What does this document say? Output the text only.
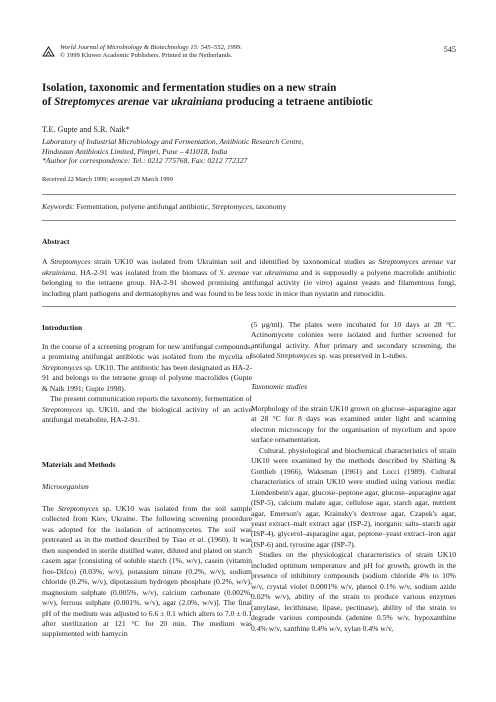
World Journal of Microbiology & Biotechnology 15: 545–552, 1999.
© 1999 Kluwer Academic Publishers. Printed in the Netherlands.
545
Isolation, taxonomic and fermentation studies on a new strain
of Streptomyces arenae var ukrainiana producing a tetraene antibiotic
T.E. Gupte and S.R. Naik*
Laboratory of Industrial Microbiology and Fermentation, Antibiotic Research Centre,
Hindustan Antibiotics Limited, Pimpri, Pune – 411018, India
*Author for correspondence: Tel.: 0212 775768, Fax: 0212 772327
Received 22 March 1999; accepted 29 March 1999
Keywords: Fermentation, polyene antifungal antibiotic, Streptomyces, taxonomy
Abstract
A Streptomyces strain UK10 was isolated from Ukrainian soil and identified by taxonomical studies as Streptomyces arenae var ukrainiana. HA-2-91 was isolated from the biomass of S. arenae var ukrainiana and is supposedly a polyene macrolide antibiotic belonging to the tetraene group. HA-2-91 showed promising antifungal activity (in vitro) against yeasts and filamentous fungi, including plant pathogens and dermatophytes and was found to be less toxic in mice than nystatin and rimocidin.
Introduction

In the course of a screening program for new antifungal compounds, a promising antifungal antibiotic was isolated from the mycelia of Streptomyces sp. UK10. The antibiotic has been designated as HA-2-91 and belongs to the tetraene group of polyene macrolides (Gupte & Naik 1991; Gupte 1998).

The present communication reports the taxonomy, fermentation of Streptomyces sp. UK10, and the biological activity of an active antifungal metabolite, HA-2-91.

Materials and Methods
Microorganism

The Streptomyces sp. UK10 was isolated from the soil sample collected from Kiev, Ukraine. The following screening procedure was adopted for the isolation of actinomycetes. The soil was pretreated as in the method described by Tsao et al. (1960). It was then suspended in sterile distilled water, diluted and plated on starch casein agar [consisting of soluble starch (1%, w/v), casein (vitamin free-Difco) (0.03%, w/v), potassium nitrate (0.2%, w/v), sodium chloride (0.2%, w/v), dipotassium hydrogen phosphate (0.2%, w/v), magnesium sulphate (0.005%, w/v), calcium carbonate (0.002%, w/v), ferrous sulphate (0.001%, w/v), agar (2.0%, w/v)]. The final pH of the medium was adjusted to 6.6 ± 0.1 which alters to 7.0 ± 0.1 after sterilization at 121 °C for 20 min. The medium was supplemented with hamycin

(5 μg/ml). The plates were incubated for 10 days at 28 °C. Actinomycete colonies were isolated and further screened for antifungal activity. After primary and secondary screening, the isolated Streptomyces sp. was preserved in L-tubes.

Taxonomic studies

Morphology of the strain UK10 grown on glucose–asparagine agar at 28 °C for 8 days was examined under light and scanning electron microscopy for the organisation of mycelium and spore surface ornamentation.

Cultural, physiological and biochemical characteristics of strain UK10 were examined by the methods described by Shirling & Gottlieb (1966), Waksman (1961) and Locci (1989). Cultural characteristics of strain UK10 were studied using various media: Liendenbein's agar, glucose–peptone agar, glucose–asparagine agar (ISP-5), calcium malate agar, cellulose agar, starch agar, nutrient agar, Emerson's agar, Krainsky's dextrose agar, Czapek's agar, yeast extract–malt extract agar (ISP-2), inorganic salts–starch agar (ISP-4), glycerol–asparagine agar, peptone–yeast extract–iron agar (ISP-6) and, tyrosine agar (ISP-7).

Studies on the physiological characteristics of strain UK10 included optimum temperature and pH for growth, growth in the presence of inhibitory compounds (sodium chloride 4% to 10% w/v, crystal violet 0.0001% w/v, phenol 0.1% w/v, sodium azide 0.02% w/v), ability of the strain to produce various enzymes (amylase, lecithinase, lipase, pectinase), ability of the strain to degrade various compounds (adenine 0.5% w/v, hypoxanthine 0.4% w/v, xanthine 0.4% w/v, xylan 0.4% w/v,
